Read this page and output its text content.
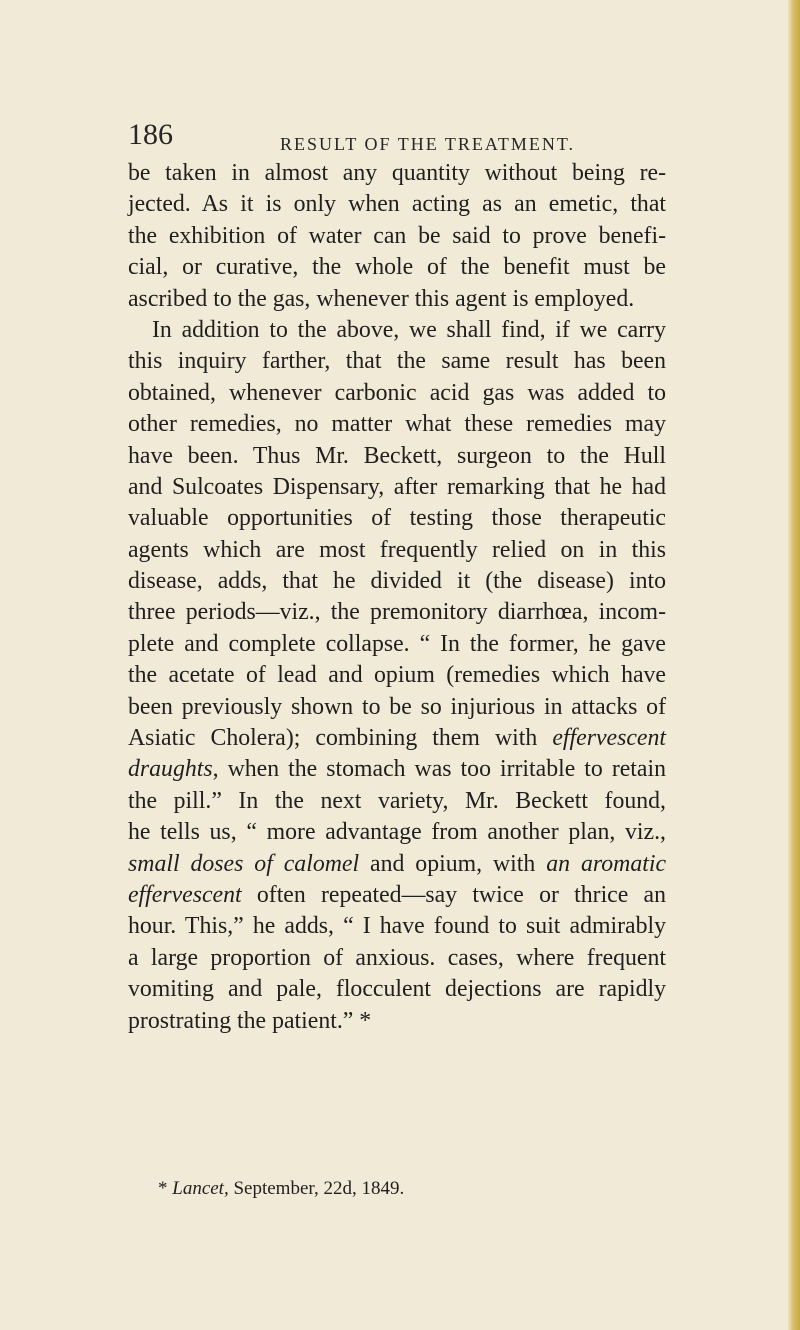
186	RESULT OF THE TREATMENT.
be taken in almost any quantity without being re-
jected. As it is only when acting as an emetic, that
the exhibition of water can be said to prove benefi-
cial, or curative, the whole of the benefit must be
ascribed to the gas, whenever this agent is employed.
In addition to the above, we shall find, if we carry
this inquiry farther, that the same result has been
obtained, whenever carbonic acid gas was added to
other remedies, no matter what these remedies may
have been. Thus Mr. Beckett, surgeon to the Hull
and Sulcoates Dispensary, after remarking that he had
valuable opportunities of testing those therapeutic
agents which are most frequently relied on in this
disease, adds, that he divided it (the disease) into
three periods—viz., the premonitory diarrhœa, incom-
plete and complete collapse. “ In the former, he gave
the acetate of lead and opium (remedies which have
been previously shown to be so injurious in attacks of
Asiatic Cholera); combining them with effervescent
draughts, when the stomach was too irritable to retain
the pill.” In the next variety, Mr. Beckett found,
he tells us, “ more advantage from another plan, viz.,
small doses of calomel and opium, with an aromatic
effervescent often repeated—say twice or thrice an
hour. This,” he adds, “ I have found to suit admirably
a large proportion of anxious. cases, where frequent
vomiting and pale, flocculent dejections are rapidly
prostrating the patient.” *
* Lancet, September, 22d, 1849.
